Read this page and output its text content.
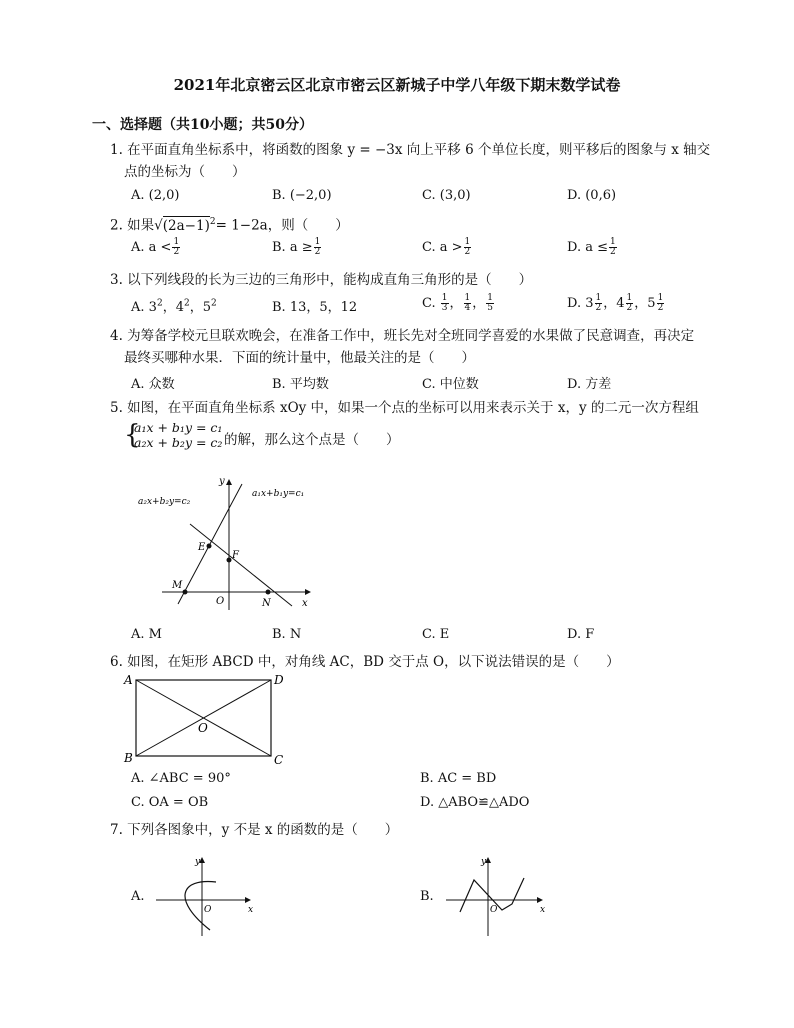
2021年北京密云区北京市密云区新城子中学八年级下期末数学试卷
一、选择题（共10小题；共50分）
1. 在平面直角坐标系中，将函数的图象 y = −3x 向上平移 6 个单位长度，则平移后的图象与 x 轴交
点的坐标为（　　）
A. (2,0)	B. (−2,0)	C. (3,0)	D. (0,6)
2. 如果$√(2a-1)^2= 1-2a$，则（　　）
A. $a < \frac{1}{2}$	B. $a \ge \frac{1}{2}$	C. $a > \frac{1}{2}$	D. $a \le \frac{1}{2}$
3. 以下列线段的长为三边的三角形中，能构成直角三角形的是（　　）
A. $3^2$，$4^2$，$5^2$	B. 13，5，12	C. $\frac{1}{3}$ ， $\frac{1}{4}$ ， $\frac{1}{5}$	D. $3 \frac{1}{2}$ ，$4 \frac{1}{2}$ ，$5 \frac{1}{2}$
4. 为筹备学校元旦联欢晚会，在准备工作中，班长先对全班同学喜爱的水果做了民意调查，再决定
最终买哪种水果．下面的统计量中，他最关注的是（　　）
A. 众数	B. 平均数	C. 中位数	D. 方差
5. 如图，在平面直角坐标系 xOy 中，如果一个点的坐标可以用来表示关于 x，y 的二元一次方程组
{
a₁x + b₁y = c₁
a₂x + b₂y = c₂ 的解，那么这个点是（　　）
a₁x+b₁y=c₁
a₂x+b₂y=c₂
x
y
O
E
F
M
N
A. M	B. N	C. E	D. F
6. 如图，在矩形 ABCD 中，对角线 AC，BD 交于点 O，以下说法错误的是（　　）
A	D
B	C
O
A. ∠ABC = 90°	B. AC = BD
C. OA = OB	D. △ABO≌△ADO
7. 下列各图象中，y 不是 x 的函数的是（　　）
A.
x
y
O
B.
x
y
O
